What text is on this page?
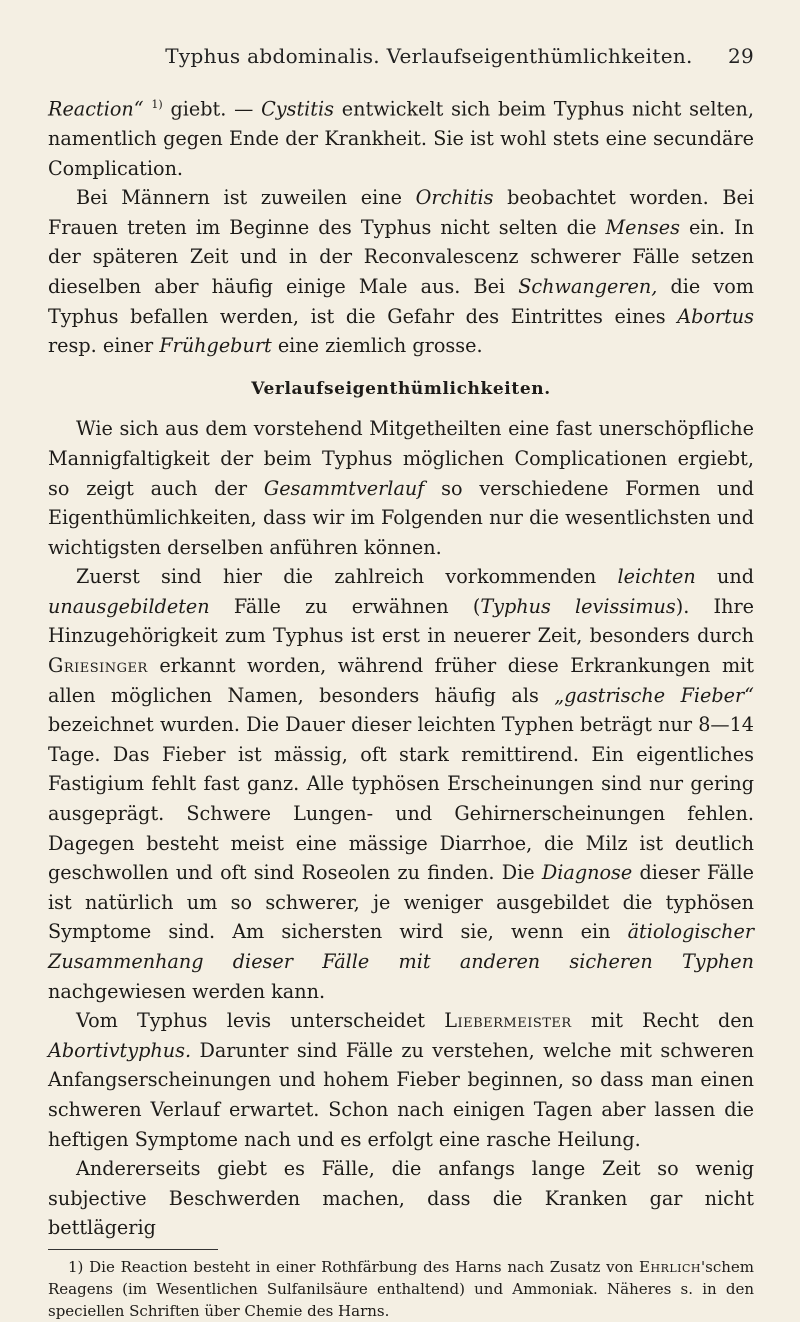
Typhus abdominalis. Verlaufseigenthümlichkeiten.	29

Reaction“ $^{1)}$ giebt. — Cystitis entwickelt sich beim Typhus nicht selten, namentlich gegen Ende der Krankheit. Sie ist wohl stets eine secundäre Complication.

Bei Männern ist zuweilen eine Orchitis beobachtet worden. Bei Frauen treten im Beginne des Typhus nicht selten die Menses ein. In der späteren Zeit und in der Reconvalescenz schwerer Fälle setzen dieselben aber häufig einige Male aus. Bei Schwangeren, die vom Typhus befallen werden, ist die Gefahr des Eintrittes eines Abortus resp. einer Frühgeburt eine ziemlich grosse.

Verlaufseigenthümlichkeiten.

Wie sich aus dem vorstehend Mitgetheilten eine fast unerschöpfliche Mannigfaltigkeit der beim Typhus möglichen Complicationen ergiebt, so zeigt auch der Gesammtverlauf so verschiedene Formen und Eigenthümlichkeiten, dass wir im Folgenden nur die wesentlichsten und wichtigsten derselben anführen können.

Zuerst sind hier die zahlreich vorkommenden leichten und unausgebildeten Fälle zu erwähnen (Typhus levissimus). Ihre Hinzugehörigkeit zum Typhus ist erst in neuerer Zeit, besonders durch Griesinger erkannt worden, während früher diese Erkrankungen mit allen möglichen Namen, besonders häufig als „gastrische Fieber“ bezeichnet wurden. Die Dauer dieser leichten Typhen beträgt nur 8—14 Tage. Das Fieber ist mässig, oft stark remittirend. Ein eigentliches Fastigium fehlt fast ganz. Alle typhösen Erscheinungen sind nur gering ausgeprägt. Schwere Lungen- und Gehirnerscheinungen fehlen. Dagegen besteht meist eine mässige Diarrhoe, die Milz ist deutlich geschwollen und oft sind Roseolen zu finden. Die Diagnose dieser Fälle ist natürlich um so schwerer, je weniger ausgebildet die typhösen Symptome sind. Am sichersten wird sie, wenn ein ätiologischer Zusammenhang dieser Fälle mit anderen sicheren Typhen nachgewiesen werden kann.

Vom Typhus levis unterscheidet Liebermeister mit Recht den Abortivtyphus. Darunter sind Fälle zu verstehen, welche mit schweren Anfangserscheinungen und hohem Fieber beginnen, so dass man einen schweren Verlauf erwartet. Schon nach einigen Tagen aber lassen die heftigen Symptome nach und es erfolgt eine rasche Heilung.

Andererseits giebt es Fälle, die anfangs lange Zeit so wenig subjective Beschwerden machen, dass die Kranken gar nicht bettlägerig

1) Die Reaction besteht in einer Rothfärbung des Harns nach Zusatz von Ehrlich'schem Reagens (im Wesentlichen Sulfanilsäure enthaltend) und Ammoniak. Näheres s. in den speciellen Schriften über Chemie des Harns.
